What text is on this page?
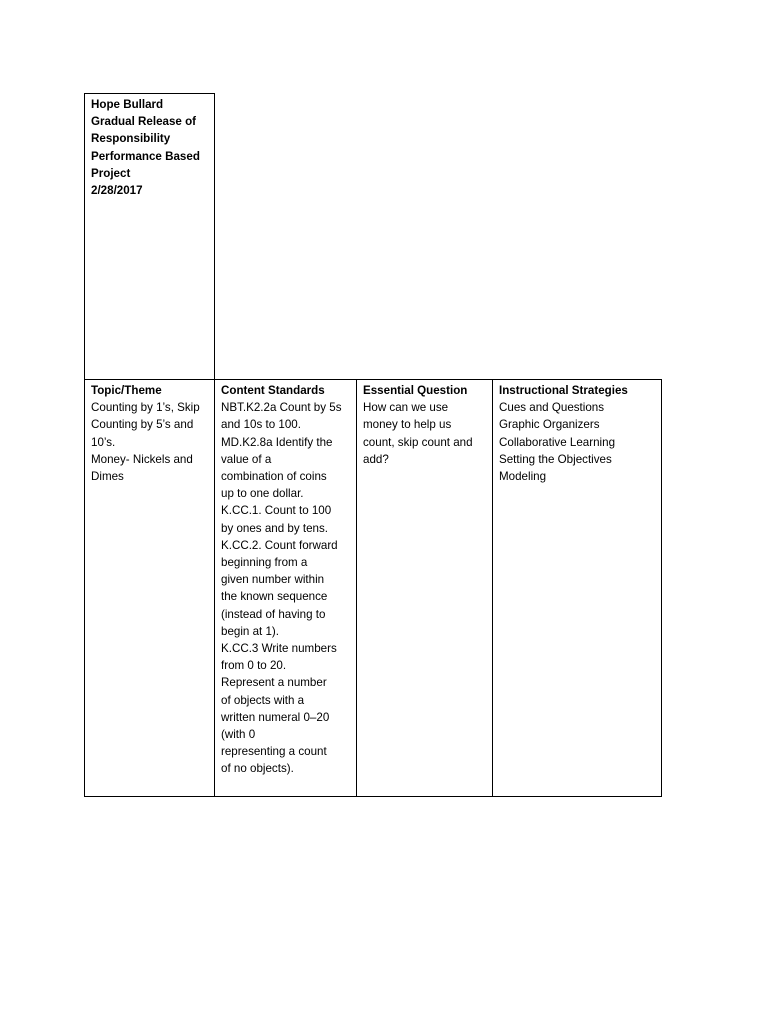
Hope Bullard
Gradual Release of
Responsibility
Performance Based
Project
2/28/2017
Topic/Theme
Counting by 1’s, Skip
Counting by 5’s and
10’s.
Money- Nickels and
Dimes
Content Standards
NBT.K2.2a Count by 5s
and 10s to 100.
MD.K2.8a Identify the
value of a
combination of coins
up to one dollar.
K.CC.1. Count to 100
by ones and by tens.
K.CC.2. Count forward
beginning from a
given number within
the known sequence
(instead of having to
begin at 1).
K.CC.3 Write numbers
from 0 to 20.
Represent a number
of objects with a
written numeral 0–20
(with 0
representing a count
of no objects).
Essential Question
How can we use
money to help us
count, skip count and
add?
Instructional Strategies
Cues and Questions
Graphic Organizers
Collaborative Learning
Setting the Objectives
Modeling
